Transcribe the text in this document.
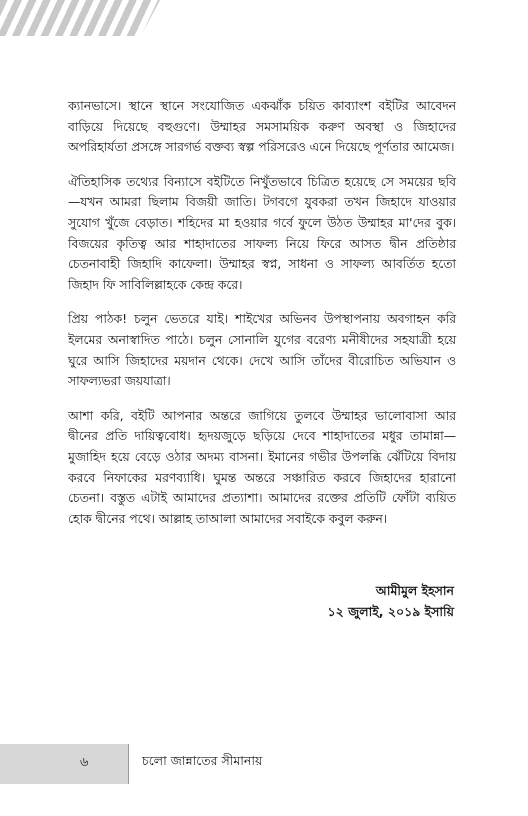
ক্যানভাসে। স্থানে স্থানে সংযোজিত একঝাঁক চয়িত কাব্যাংশ বইটির আবেদন বাড়িয়ে দিয়েছে বহুগুণে। উম্মাহর সমসাময়িক করুণ অবস্থা ও জিহাদের অপরিহার্যতা প্রসঙ্গে সারগর্ভ বক্তব্য স্বল্প পরিসরেও এনে দিয়েছে পূর্ণতার আমেজ।

ঐতিহাসিক তথ্যের বিন্যাসে বইটিতে নিখুঁতভাবে চিত্রিত হয়েছে সে সময়ের ছবি—যখন আমরা ছিলাম বিজয়ী জাতি। টগবগে যুবকরা তখন জিহাদে যাওয়ার সুযোগ খুঁজে বেড়াত। শহিদের মা হওয়ার গর্বে ফুলে উঠত উম্মাহর মা'দের বুক। বিজয়ের কৃতিত্ব আর শাহাদাতের সাফল্য নিয়ে ফিরে আসত দ্বীন প্রতিষ্ঠার চেতনাবাহী জিহাদি কাফেলা। উম্মাহর স্বপ্ন, সাধনা ও সাফল্য আবর্তিত হতো জিহাদ ফি সাবিলিল্লাহকে কেন্দ্র করে।

প্রিয় পাঠক! চলুন ভেতরে যাই। শাইখের অভিনব উপস্থাপনায় অবগাহন করি ইলমের অনাস্বাদিত পাঠে। চলুন সোনালি যুগের বরেণ্য মনীষীদের সহযাত্রী হয়ে ঘুরে আসি জিহাদের ময়দান থেকে। দেখে আসি তাঁদের বীরোচিত অভিযান ও সাফল্যভরা জয়যাত্রা।

আশা করি, বইটি আপনার অন্তরে জাগিয়ে তুলবে উম্মাহর ভালোবাসা আর দ্বীনের প্রতি দায়িত্ববোধ। হৃদয়জুড়ে ছড়িয়ে দেবে শাহাদাতের মধুর তামান্না—মুজাহিদ হয়ে বেড়ে ওঠার অদম্য বাসনা। ইমানের গভীর উপলব্ধি ঝেঁটিয়ে বিদায় করবে নিফাকের মরণব্যাধি। ঘুমন্ত অন্তরে সঞ্চারিত করবে জিহাদের হারানো চেতনা। বস্তুত এটাই আমাদের প্রত্যাশা। আমাদের রক্তের প্রতিটি ফোঁটা ব্যয়িত হোক দ্বীনের পথে। আল্লাহ তাআলা আমাদের সবাইকে কবুল করুন।

আমীমুল ইহসান
১২ জুলাই, ২০১৯ ইসায়ি
৬	চলো জান্নাতের সীমানায়
